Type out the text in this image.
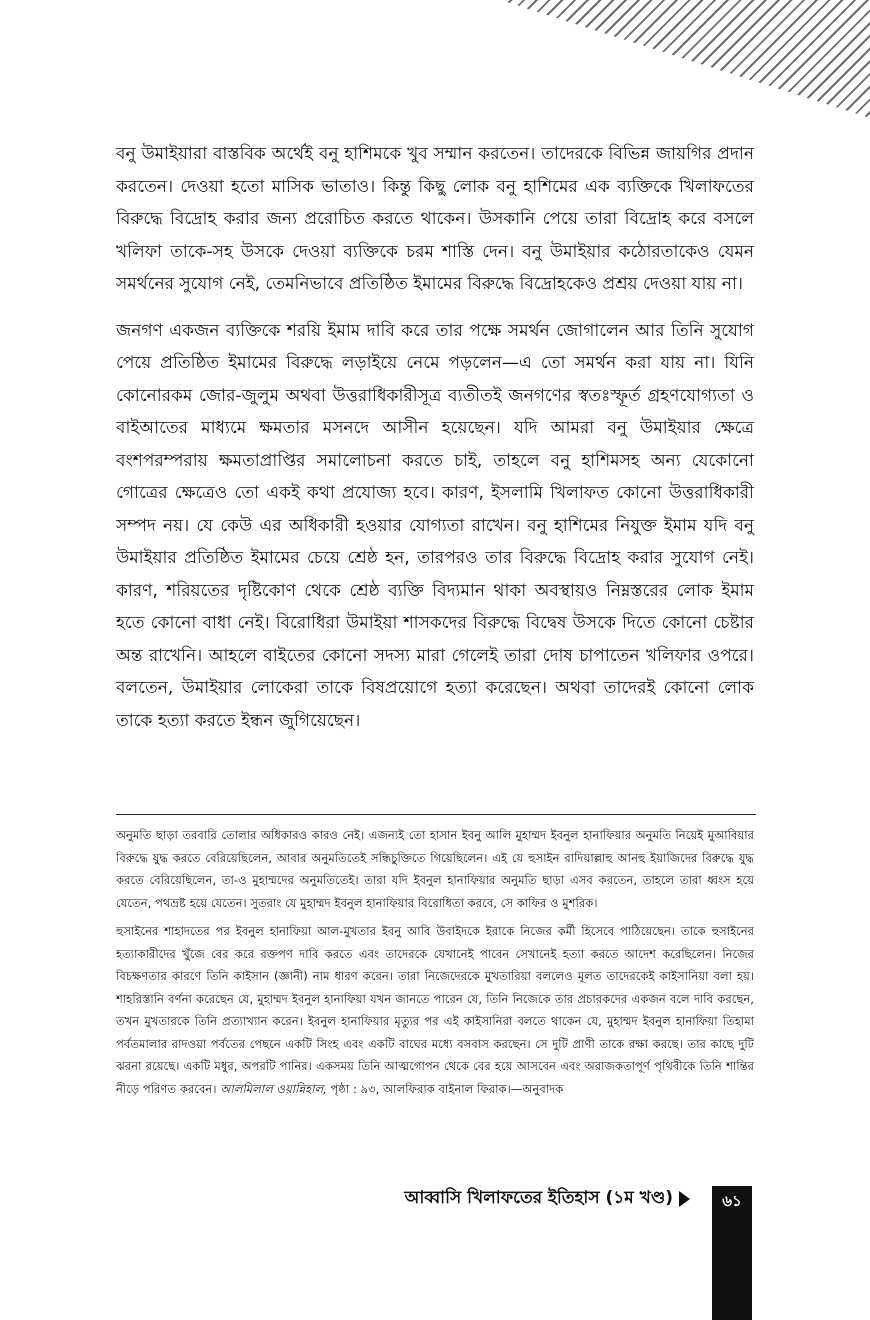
বনু উমাইয়ারা বাস্তবিক অর্থেই বনু হাশিমকে খুব সম্মান করতেন। তাদেরকে বিভিন্ন জায়গির প্রদান করতেন। দেওয়া হতো মাসিক ভাতাও। কিন্তু কিছু লোক বনু হাশিমের এক ব্যক্তিকে খিলাফতের বিরুদ্ধে বিদ্রোহ করার জন্য প্ররোচিত করতে থাকেন। উসকানি পেয়ে তারা বিদ্রোহ করে বসলে খলিফা তাকে-সহ উসকে দেওয়া ব্যক্তিকে চরম শাস্তি দেন। বনু উমাইয়ার কঠোরতাকেও যেমন সমর্থনের সুযোগ নেই, তেমনিভাবে প্রতিষ্ঠিত ইমামের বিরুদ্ধে বিদ্রোহকেও প্রশ্রয় দেওয়া যায় না।

জনগণ একজন ব্যক্তিকে শরয়ি ইমাম দাবি করে তার পক্ষে সমর্থন জোগালেন আর তিনি সুযোগ পেয়ে প্রতিষ্ঠিত ইমামের বিরুদ্ধে লড়াইয়ে নেমে পড়লেন—এ তো সমর্থন করা যায় না। যিনি কোনোরকম জোর-জুলুম অথবা উত্তরাধিকারীসূত্র ব্যতীতই জনগণের স্বতঃস্ফূর্ত গ্রহণযোগ্যতা ও বাইআতের মাধ্যমে ক্ষমতার মসনদে আসীন হয়েছেন। যদি আমরা বনু উমাইয়ার ক্ষেত্রে বংশপরম্পরায় ক্ষমতাপ্রাপ্তির সমালোচনা করতে চাই, তাহলে বনু হাশিমসহ অন্য যেকোনো গোত্রের ক্ষেত্রেও তো একই কথা প্রযোজ্য হবে। কারণ, ইসলামি খিলাফত কোনো উত্তরাধিকারী সম্পদ নয়। যে কেউ এর অধিকারী হওয়ার যোগ্যতা রাখেন। বনু হাশিমের নিযুক্ত ইমাম যদি বনু উমাইয়ার প্রতিষ্ঠিত ইমামের চেয়ে শ্রেষ্ঠ হন, তারপরও তার বিরুদ্ধে বিদ্রোহ করার সুযোগ নেই। কারণ, শরিয়তের দৃষ্টিকোণ থেকে শ্রেষ্ঠ ব্যক্তি বিদ্যমান থাকা অবস্থায়ও নিম্নস্তরের লোক ইমাম হতে কোনো বাধা নেই। বিরোধিরা উমাইয়া শাসকদের বিরুদ্ধে বিদ্বেষ উসকে দিতে কোনো চেষ্টার অন্ত রাখেনি। আহলে বাইতের কোনো সদস্য মারা গেলেই তারা দোষ চাপাতেন খলিফার ওপরে। বলতেন, উমাইয়ার লোকেরা তাকে বিষপ্রয়োগে হত্যা করেছেন। অথবা তাদেরই কোনো লোক তাকে হত্যা করতে ইন্ধন জুগিয়েছেন।

অনুমতি ছাড়া তরবারি তোলার অধিকারও কারও নেই। এজন্যই তো হাসান ইবনু আলি মুহাম্মদ ইবনুল হানাফিয়ার অনুমতি নিয়েই মুআবিয়ার বিরুদ্ধে যুদ্ধ করতে বেরিয়েছিলেন, আবার অনুমতিতেই সন্ধিচুক্তিতে গিয়েছিলেন। এই যে হুসাইন রাদিয়াল্লাহু আনহু ইয়াজিদের বিরুদ্ধে যুদ্ধ করতে বেরিয়েছিলেন, তা-ও মুহাম্মদের অনুমতিতেই। তারা যদি ইবনুল হানাফিয়ার অনুমতি ছাড়া এসব করতেন, তাহলে তারা ধ্বংস হয়ে যেতেন, পথভ্রষ্ট হয়ে যেতেন। সুতরাং যে মুহাম্মদ ইবনুল হানাফিয়ার বিরোধিতা করবে, সে কাফির ও মুশরিক।

হুসাইনের শাহাদতের পর ইবনুল হানাফিয়া আল-মুখতার ইবনু আবি উবাইদকে ইরাকে নিজের কর্মী হিসেবে পাঠিয়েছেন। তাকে হুসাইনের হত্যাকারীদের খুঁজে বের করে রক্তপণ দাবি করতে এবং তাদেরকে যেখানেই পাবেন সেখানেই হত্যা করতে আদেশ করেছিলেন। নিজের বিচক্ষণতার কারণে তিনি কাইসান (জ্ঞানী) নাম ধারণ করেন। তারা নিজেদেরকে মুখতারিয়া বললেও মূলত তাদেরকেই কাইসানিয়া বলা হয়। শাহরিস্তানি বর্ণনা করেছেন যে, মুহাম্মদ ইবনুল হানাফিয়া যখন জানতে পারেন যে, তিনি নিজেকে তার প্রচারকদের একজন বলে দাবি করছেন, তখন মুখতারকে তিনি প্রত্যাখ্যান করেন। ইবনুল হানাফিয়ার মৃত্যুর পর এই কাইসানিরা বলতে থাকেন যে, মুহাম্মদ ইবনুল হানাফিয়া তিহামা পর্বতমালার রাদওয়া পর্বতের পেছনে একটি সিংহ এবং একটি বাঘের মধ্যে বসবাস করছেন। সে দুটি প্রাণী তাকে রক্ষা করছে। তার কাছে দুটি ঝরনা রয়েছে। একটি মধুর, অপরটি পানির। একসময় তিনি আত্মগোপন থেকে বের হয়ে আসবেন এবং অরাজকতাপূর্ণ পৃথিবীকে তিনি শান্তির নীড়ে পরিণত করবেন। আলমিলাল ওয়ান্নিহাল, পৃষ্ঠা : ৯৩, আলফিরাক বাইনাল ফিরাক।—অনুবাদক

আব্বাসি খিলাফতের ইতিহাস (১ম খণ্ড)	৬১
